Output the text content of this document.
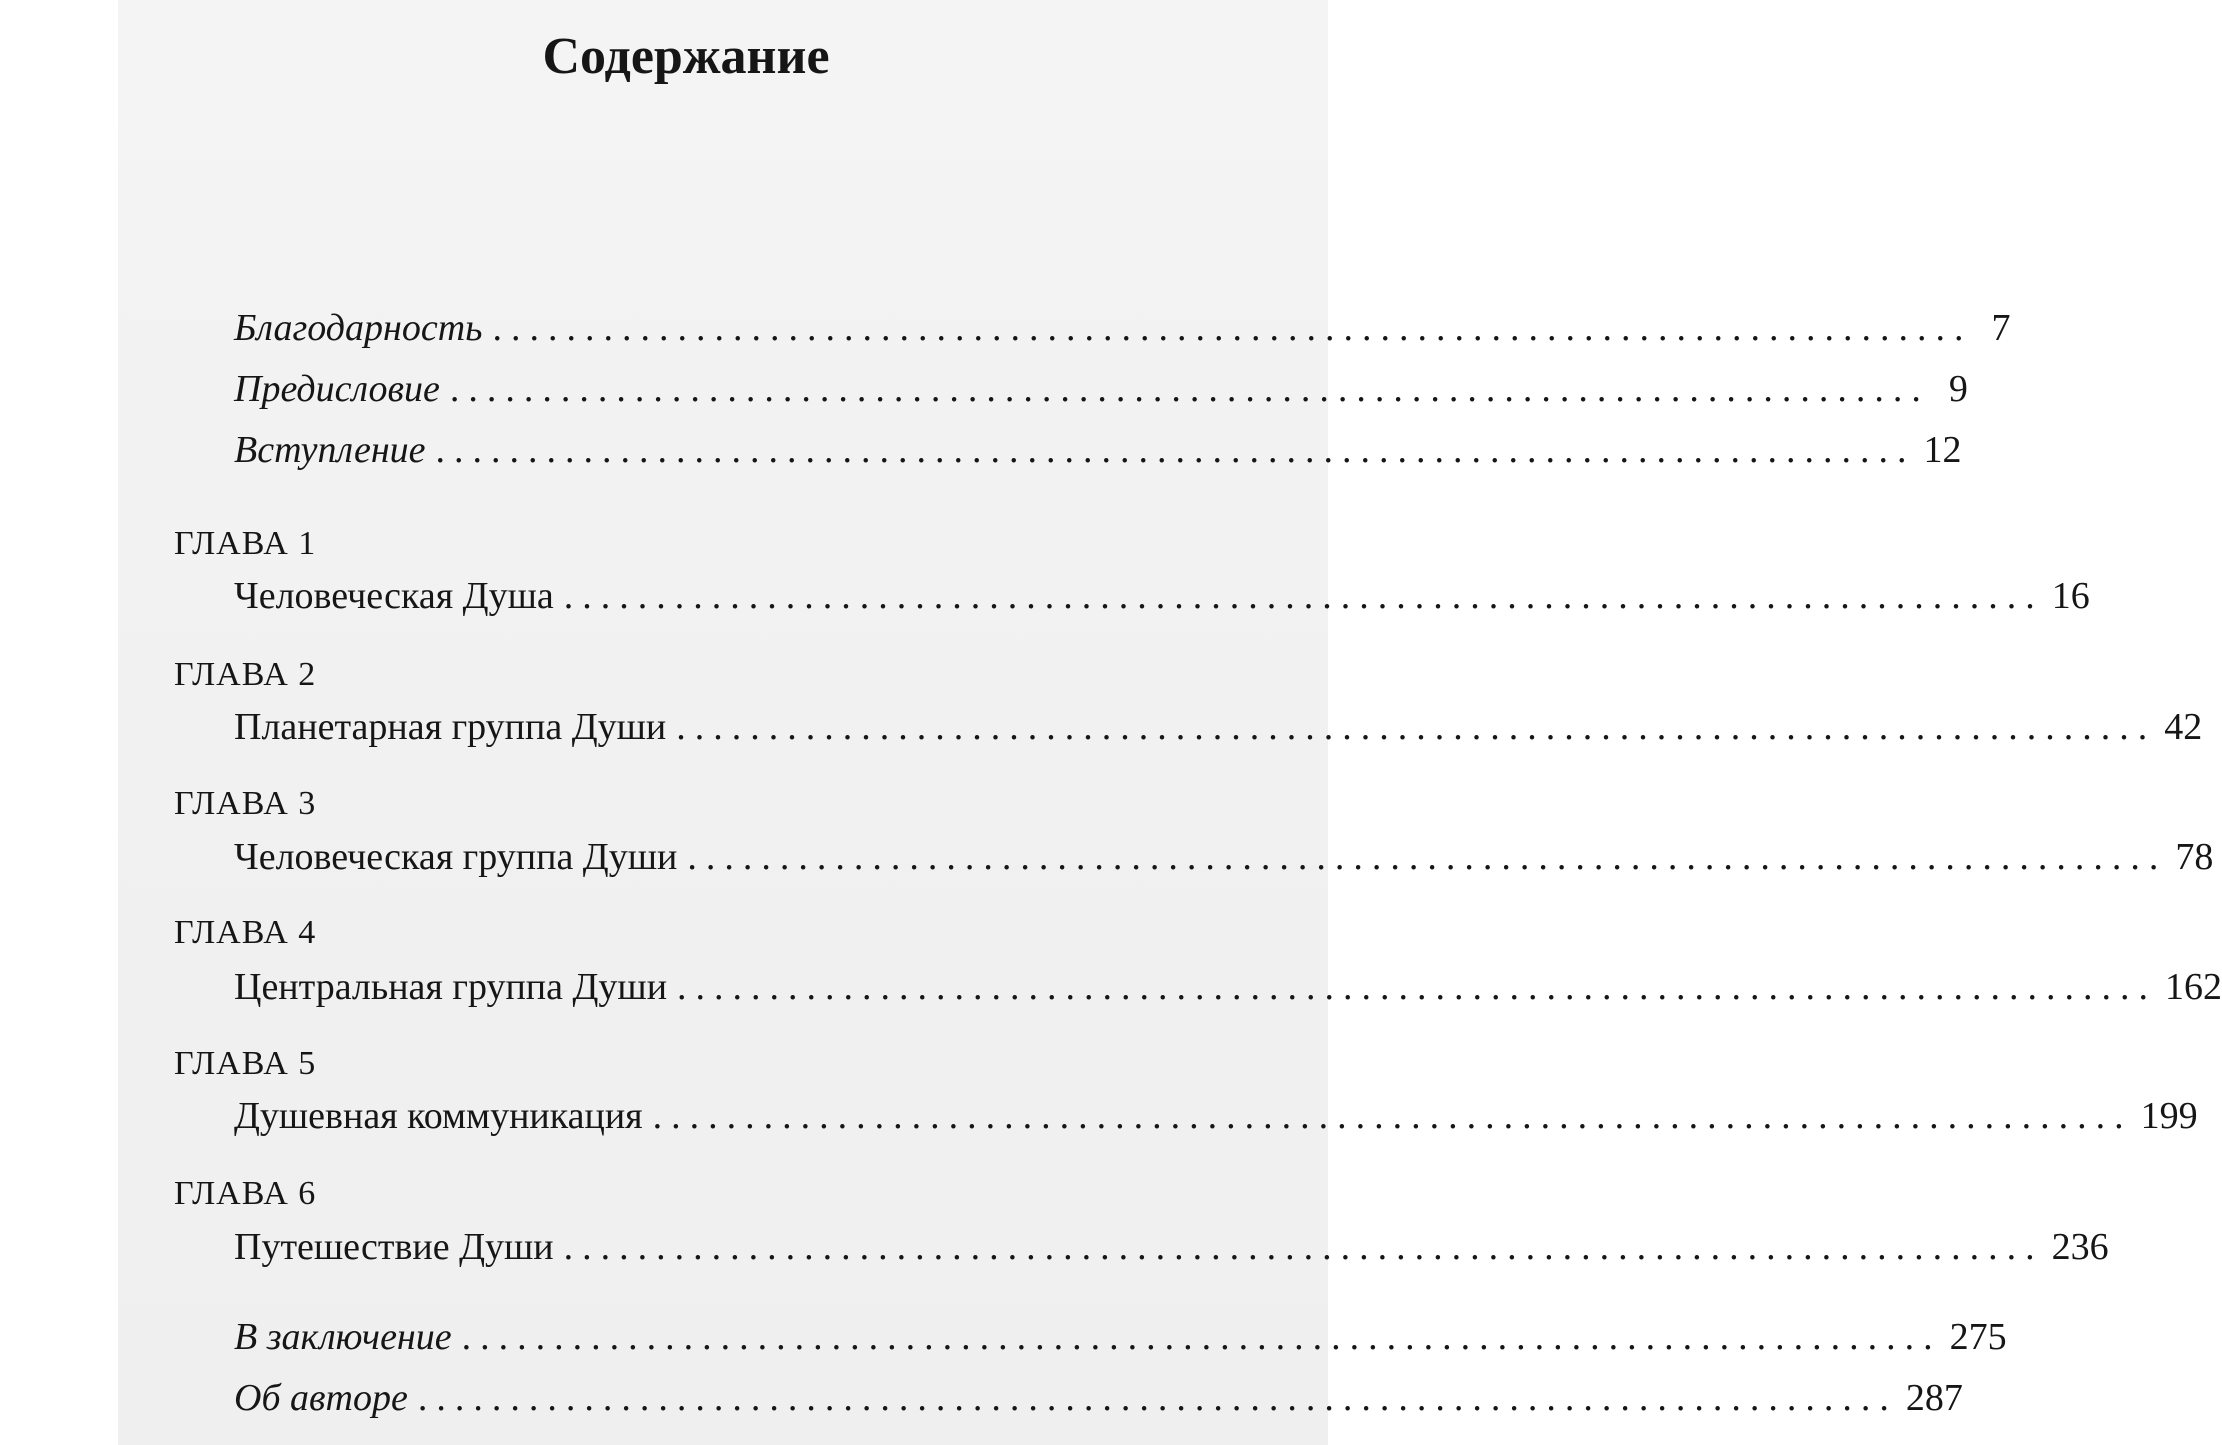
Содержание
Благодарность ................................................................................ 7
Предисловие ................................................................................ 9
Вступление ................................................................................ 12
ГЛАВА 1
Человеческая Душа ................................................................................ 16
ГЛАВА 2
Планетарная группа Души ................................................................................ 42
ГЛАВА 3
Человеческая группа Души ................................................................................ 78
ГЛАВА 4
Центральная группа Души ................................................................................ 162
ГЛАВА 5
Душевная коммуникация ................................................................................ 199
ГЛАВА 6
Путешествие Души ................................................................................ 236
В заключение ................................................................................ 275
Об авторе ................................................................................ 287
